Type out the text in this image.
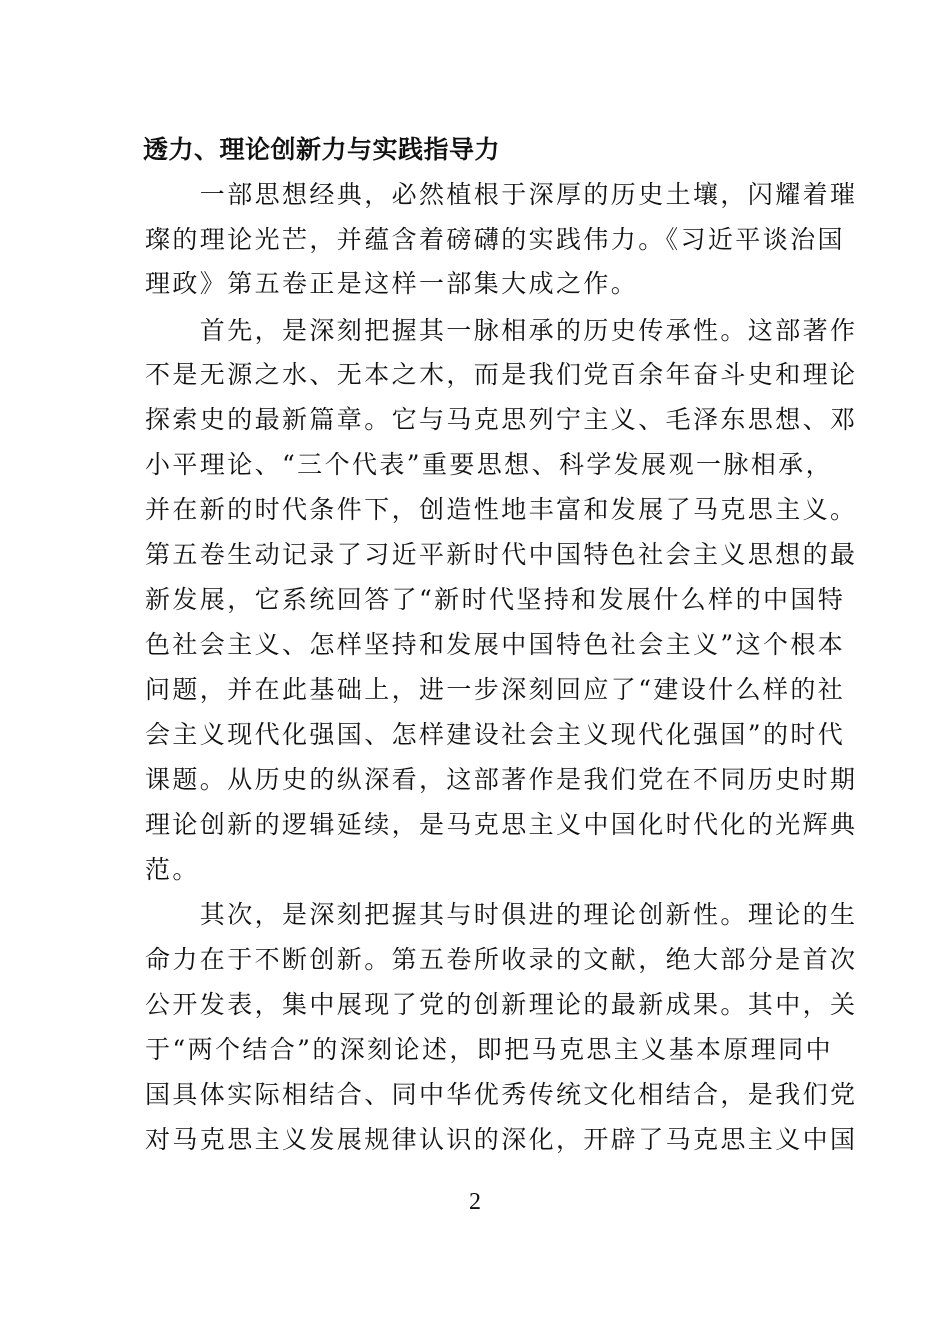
透力、理论创新力与实践指导力
　　一部思想经典，必然植根于深厚的历史土壤，闪耀着璀
璨的理论光芒，并蕴含着磅礴的实践伟力。《习近平谈治国
理政》第五卷正是这样一部集大成之作。
　　首先，是深刻把握其一脉相承的历史传承性。这部著作
不是无源之水、无本之木，而是我们党百余年奋斗史和理论
探索史的最新篇章。它与马克思列宁主义、毛泽东思想、邓
小平理论、“三个代表”重要思想、科学发展观一脉相承，
并在新的时代条件下，创造性地丰富和发展了马克思主义。
第五卷生动记录了习近平新时代中国特色社会主义思想的最
新发展，它系统回答了“新时代坚持和发展什么样的中国特
色社会主义、怎样坚持和发展中国特色社会主义”这个根本
问题，并在此基础上，进一步深刻回应了“建设什么样的社
会主义现代化强国、怎样建设社会主义现代化强国”的时代
课题。从历史的纵深看，这部著作是我们党在不同历史时期
理论创新的逻辑延续，是马克思主义中国化时代化的光辉典
范。
　　其次，是深刻把握其与时俱进的理论创新性。理论的生
命力在于不断创新。第五卷所收录的文献，绝大部分是首次
公开发表，集中展现了党的创新理论的最新成果。其中，关
于“两个结合”的深刻论述，即把马克思主义基本原理同中
国具体实际相结合、同中华优秀传统文化相结合，是我们党
对马克思主义发展规律认识的深化，开辟了马克思主义中国
2
